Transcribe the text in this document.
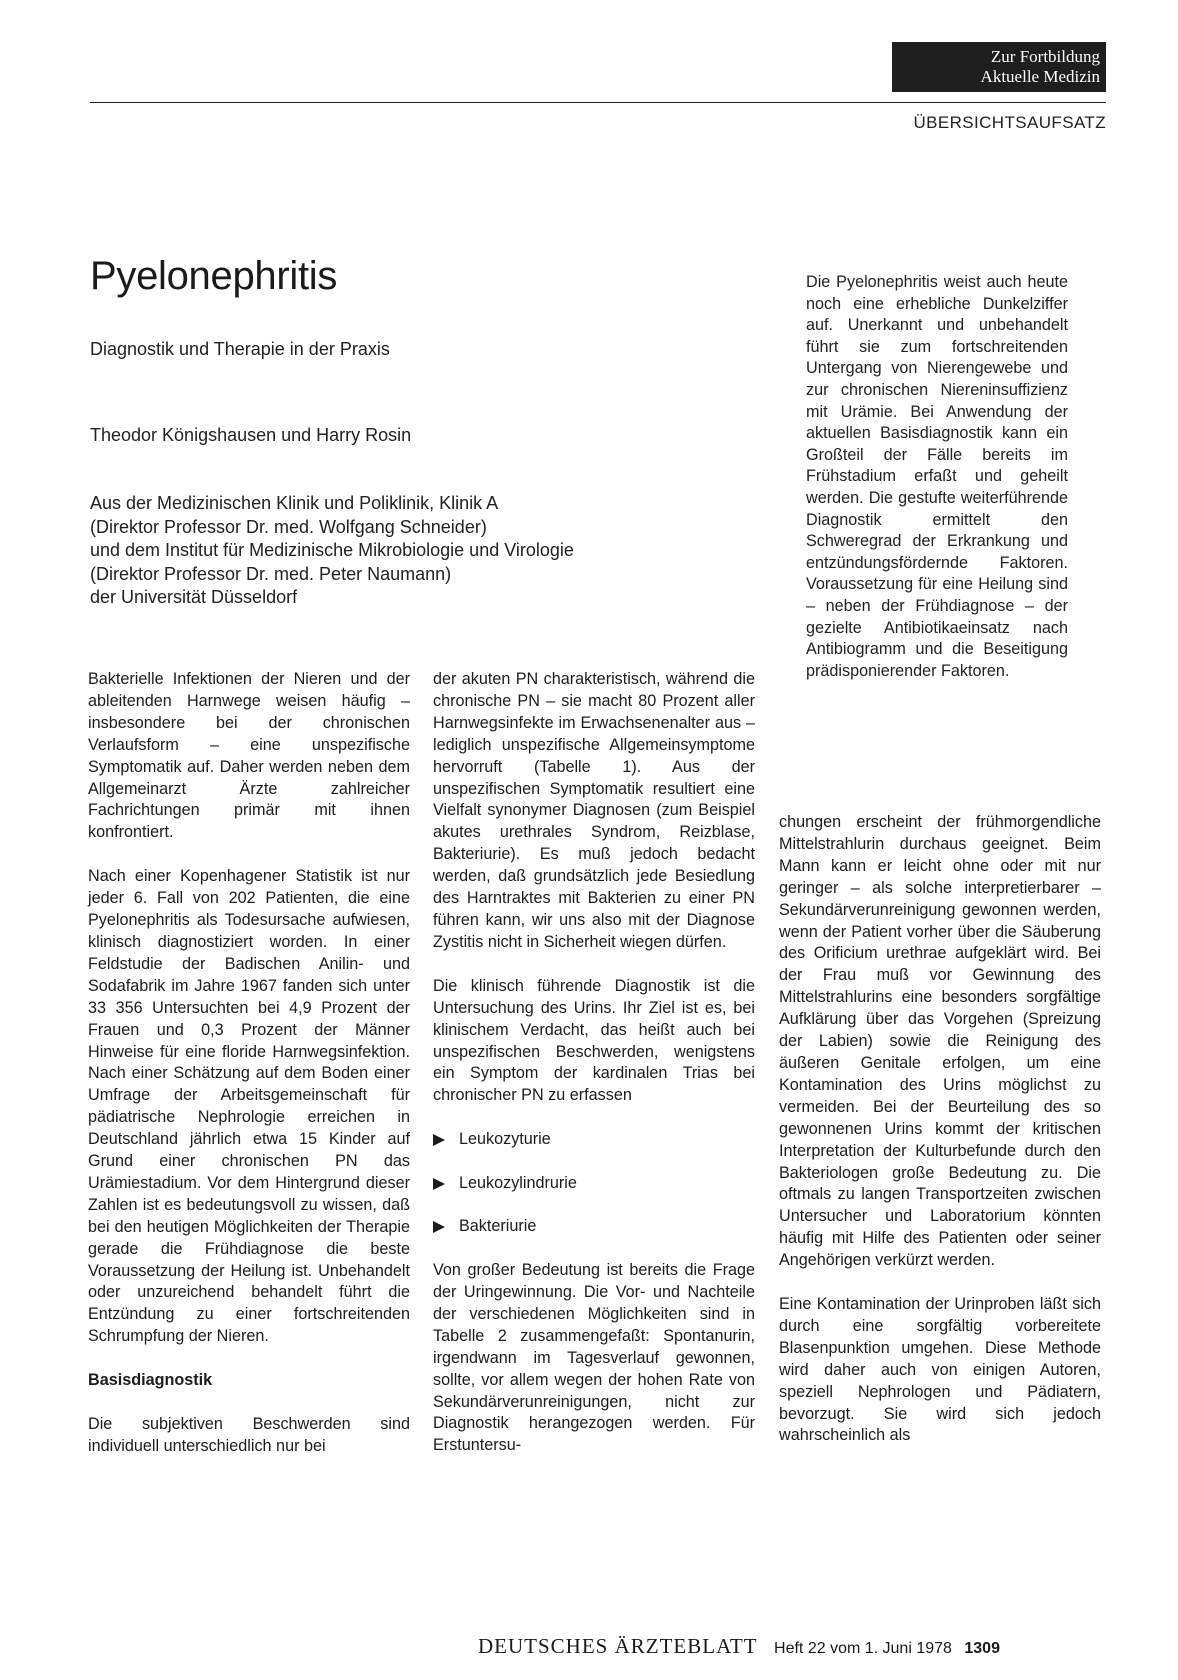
Zur Fortbildung
Aktuelle Medizin
ÜBERSICHTSAUFSATZ
Pyelonephritis
Diagnostik und Therapie in der Praxis
Theodor Königshausen und Harry Rosin
Aus der Medizinischen Klinik und Poliklinik, Klinik A
(Direktor Professor Dr. med. Wolfgang Schneider)
und dem Institut für Medizinische Mikrobiologie und Virologie
(Direktor Professor Dr. med. Peter Naumann)
der Universität Düsseldorf
Die Pyelonephritis weist auch heute noch eine erhebliche Dunkelziffer auf. Unerkannt und unbehandelt führt sie zum fortschreitenden Untergang von Nierengewebe und zur chronischen Niereninsuffizienz mit Urämie. Bei Anwendung der aktuellen Basisdiagnostik kann ein Großteil der Fälle bereits im Frühstadium erfaßt und geheilt werden. Die gestufte weiterführende Diagnostik ermittelt den Schweregrad der Erkrankung und entzündungsfördernde Faktoren. Voraussetzung für eine Heilung sind – neben der Frühdiagnose – der gezielte Antibiotikaeinsatz nach Antibiogramm und die Beseitigung prädisponierender Faktoren.

Bakterielle Infektionen der Nieren und der ableitenden Harnwege weisen häufig – insbesondere bei der chronischen Verlaufsform – eine unspezifische Symptomatik auf. Daher werden neben dem Allgemeinarzt Ärzte zahlreicher Fachrichtungen primär mit ihnen konfrontiert.

Nach einer Kopenhagener Statistik ist nur jeder 6. Fall von 202 Patienten, die eine Pyelonephritis als Todesursache aufwiesen, klinisch diagnostiziert worden. In einer Feldstudie der Badischen Anilin- und Sodafabrik im Jahre 1967 fanden sich unter 33 356 Untersuchten bei 4,9 Prozent der Frauen und 0,3 Prozent der Männer Hinweise für eine floride Harnwegsinfektion. Nach einer Schätzung auf dem Boden einer Umfrage der Arbeitsgemeinschaft für pädiatrische Nephrologie erreichen in Deutschland jährlich etwa 15 Kinder auf Grund einer chronischen PN das Urämiestadium. Vor dem Hintergrund dieser Zahlen ist es bedeutungsvoll zu wissen, daß bei den heutigen Möglichkeiten der Therapie gerade die Frühdiagnose die beste Voraussetzung der Heilung ist. Unbehandelt oder unzureichend behandelt führt die Entzündung zu einer fortschreitenden Schrumpfung der Nieren.

Basisdiagnostik

Die subjektiven Beschwerden sind individuell unterschiedlich nur bei

der akuten PN charakteristisch, während die chronische PN – sie macht 80 Prozent aller Harnwegsinfekte im Erwachsenenalter aus – lediglich unspezifische Allgemeinsymptome hervorruft (Tabelle 1). Aus der unspezifischen Symptomatik resultiert eine Vielfalt synonymer Diagnosen (zum Beispiel akutes urethrales Syndrom, Reizblase, Bakteriurie). Es muß jedoch bedacht werden, daß grundsätzlich jede Besiedlung des Harntraktes mit Bakterien zu einer PN führen kann, wir uns also mit der Diagnose Zystitis nicht in Sicherheit wiegen dürfen.

Die klinisch führende Diagnostik ist die Untersuchung des Urins. Ihr Ziel ist es, bei klinischem Verdacht, das heißt auch bei unspezifischen Beschwerden, wenigstens ein Symptom der kardinalen Trias bei chronischer PN zu erfassen

Leukozyturie
Leukozylindrurie
Bakteriurie

Von großer Bedeutung ist bereits die Frage der Uringewinnung. Die Vor- und Nachteile der verschiedenen Möglichkeiten sind in Tabelle 2 zusammengefaßt: Spontanurin, irgendwann im Tagesverlauf gewonnen, sollte, vor allem wegen der hohen Rate von Sekundärverunreinigungen, nicht zur Diagnostik herangezogen werden. Für Erstuntersu-

chungen erscheint der frühmorgendliche Mittelstrahlurin durchaus geeignet. Beim Mann kann er leicht ohne oder mit nur geringer – als solche interpretierbarer – Sekundärverunreinigung gewonnen werden, wenn der Patient vorher über die Säuberung des Orificium urethrae aufgeklärt wird. Bei der Frau muß vor Gewinnung des Mittelstrahlurins eine besonders sorgfältige Aufklärung über das Vorgehen (Spreizung der Labien) sowie die Reinigung des äußeren Genitale erfolgen, um eine Kontamination des Urins möglichst zu vermeiden. Bei der Beurteilung des so gewonnenen Urins kommt der kritischen Interpretation der Kulturbefunde durch den Bakteriologen große Bedeutung zu. Die oftmals zu langen Transportzeiten zwischen Untersucher und Laboratorium könnten häufig mit Hilfe des Patienten oder seiner Angehörigen verkürzt werden.

Eine Kontamination der Urinproben läßt sich durch eine sorgfältig vorbereitete Blasenpunktion umgehen. Diese Methode wird daher auch von einigen Autoren, speziell Nephrologen und Pädiatern, bevorzugt. Sie wird sich jedoch wahrscheinlich als

DEUTSCHES ÄRZTEBLATT Heft 22 vom 1. Juni 1978 1309
